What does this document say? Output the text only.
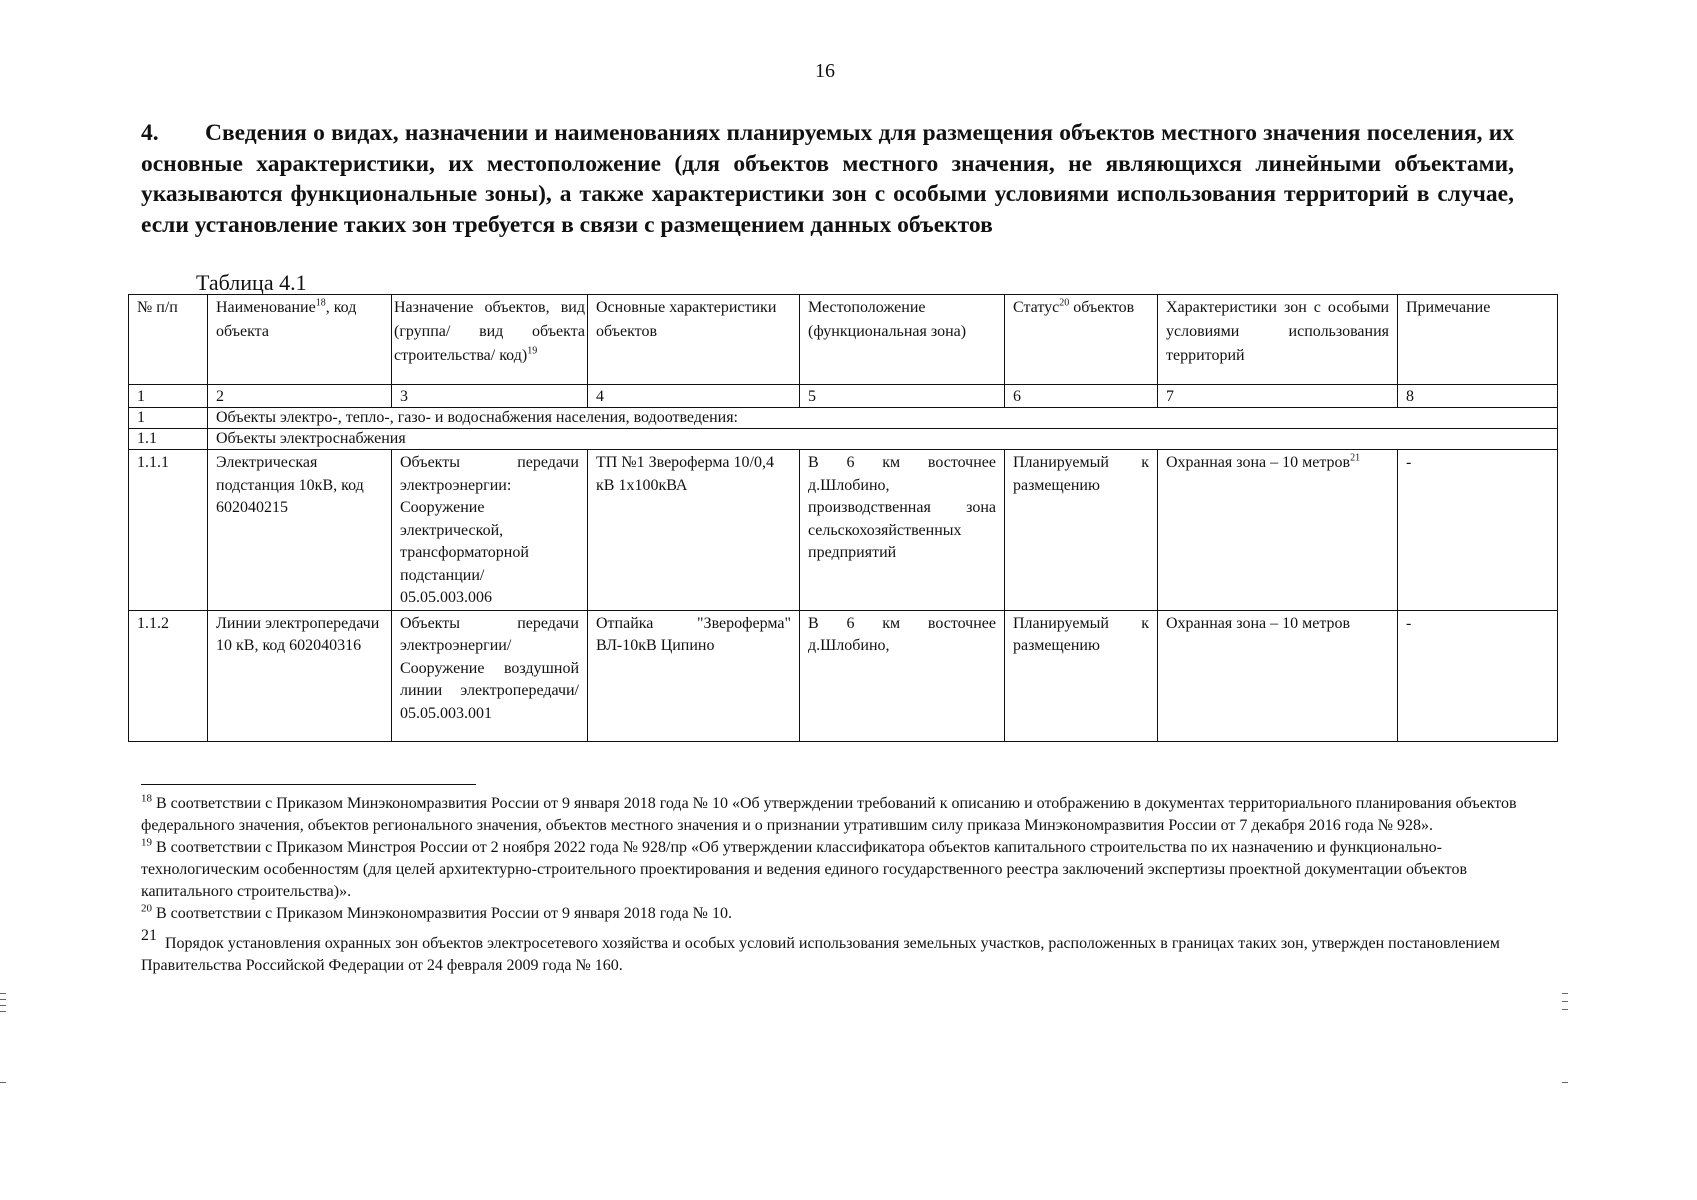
16
4. Сведения о видах, назначении и наименованиях планируемых для размещения объектов местного значения поселения, их основные характеристики, их местоположение (для объектов местного значения, не являющихся линейными объектами, указываются функциональные зоны), а также характеристики зон с особыми условиями использования территорий в случае, если установление таких зон требуется в связи с размещением данных объектов
Таблица 4.1
№ п/п	Наименование$^{18}$, код объекта	Назначение объектов, вид (группа/ вид объекта строительства/ код)$^{19}$	Основные характеристики объектов	Местоположение (функциональная зона)	Статус$^{20}$ объектов	Характеристики зон с особыми условиями использования территорий	Примечание
1	2	3	4	5	6	7	8
1	Объекты электро-, тепло-, газо- и водоснабжения населения, водоотведения:						
1.1	Объекты электроснабжения						
1.1.1	Электрическая подстанция 10кВ, код 602040215	Объекты передачи электроэнергии: Сооружение электрической, трансформаторной подстанции/ 05.05.003.006	ТП №1 Звероферма 10/0,4 кВ 1х100кВА	В 6 км восточнее д.Шлобино, производственная зона сельскохозяйственных предприятий	Планируемый к размещению	Охранная зона – 10 метров$^{21}$	-
1.1.2	Линии электропередачи 10 кВ, код 602040316	Объекты передачи электроэнергии/ Сооружение воздушной линии электропередачи/ 05.05.003.001	Отпайка "Звероферма" ВЛ-10кВ Ципино	В 6 км восточнее д.Шлобино,	Планируемый к размещению	Охранная зона – 10 метров	-

$^{18}$ В соответствии с Приказом Минэкономразвития России от 9 января 2018 года № 10 «Об утверждении требований к описанию и отображению в документах территориального планирования объектов федерального значения, объектов регионального значения, объектов местного значения и о признании утратившим силу приказа Минэкономразвития России от 7 декабря 2016 года № 928».

$^{19}$ В соответствии с Приказом Минстроя России от 2 ноября 2022 года № 928/пр «Об утверждении классификатора объектов капитального строительства по их назначению и функционально-технологическим особенностям (для целей архитектурно-строительного проектирования и ведения единого государственного реестра заключений экспертизы проектной документации объектов капитального строительства)».

$^{20}$ В соответствии с Приказом Минэкономразвития России от 9 января 2018 года № 10.

21 Порядок установления охранных зон объектов электросетевого хозяйства и особых условий использования земельных участков, расположенных в границах таких зон, утвержден постановлением Правительства Российской Федерации от 24 февраля 2009 года № 160.
